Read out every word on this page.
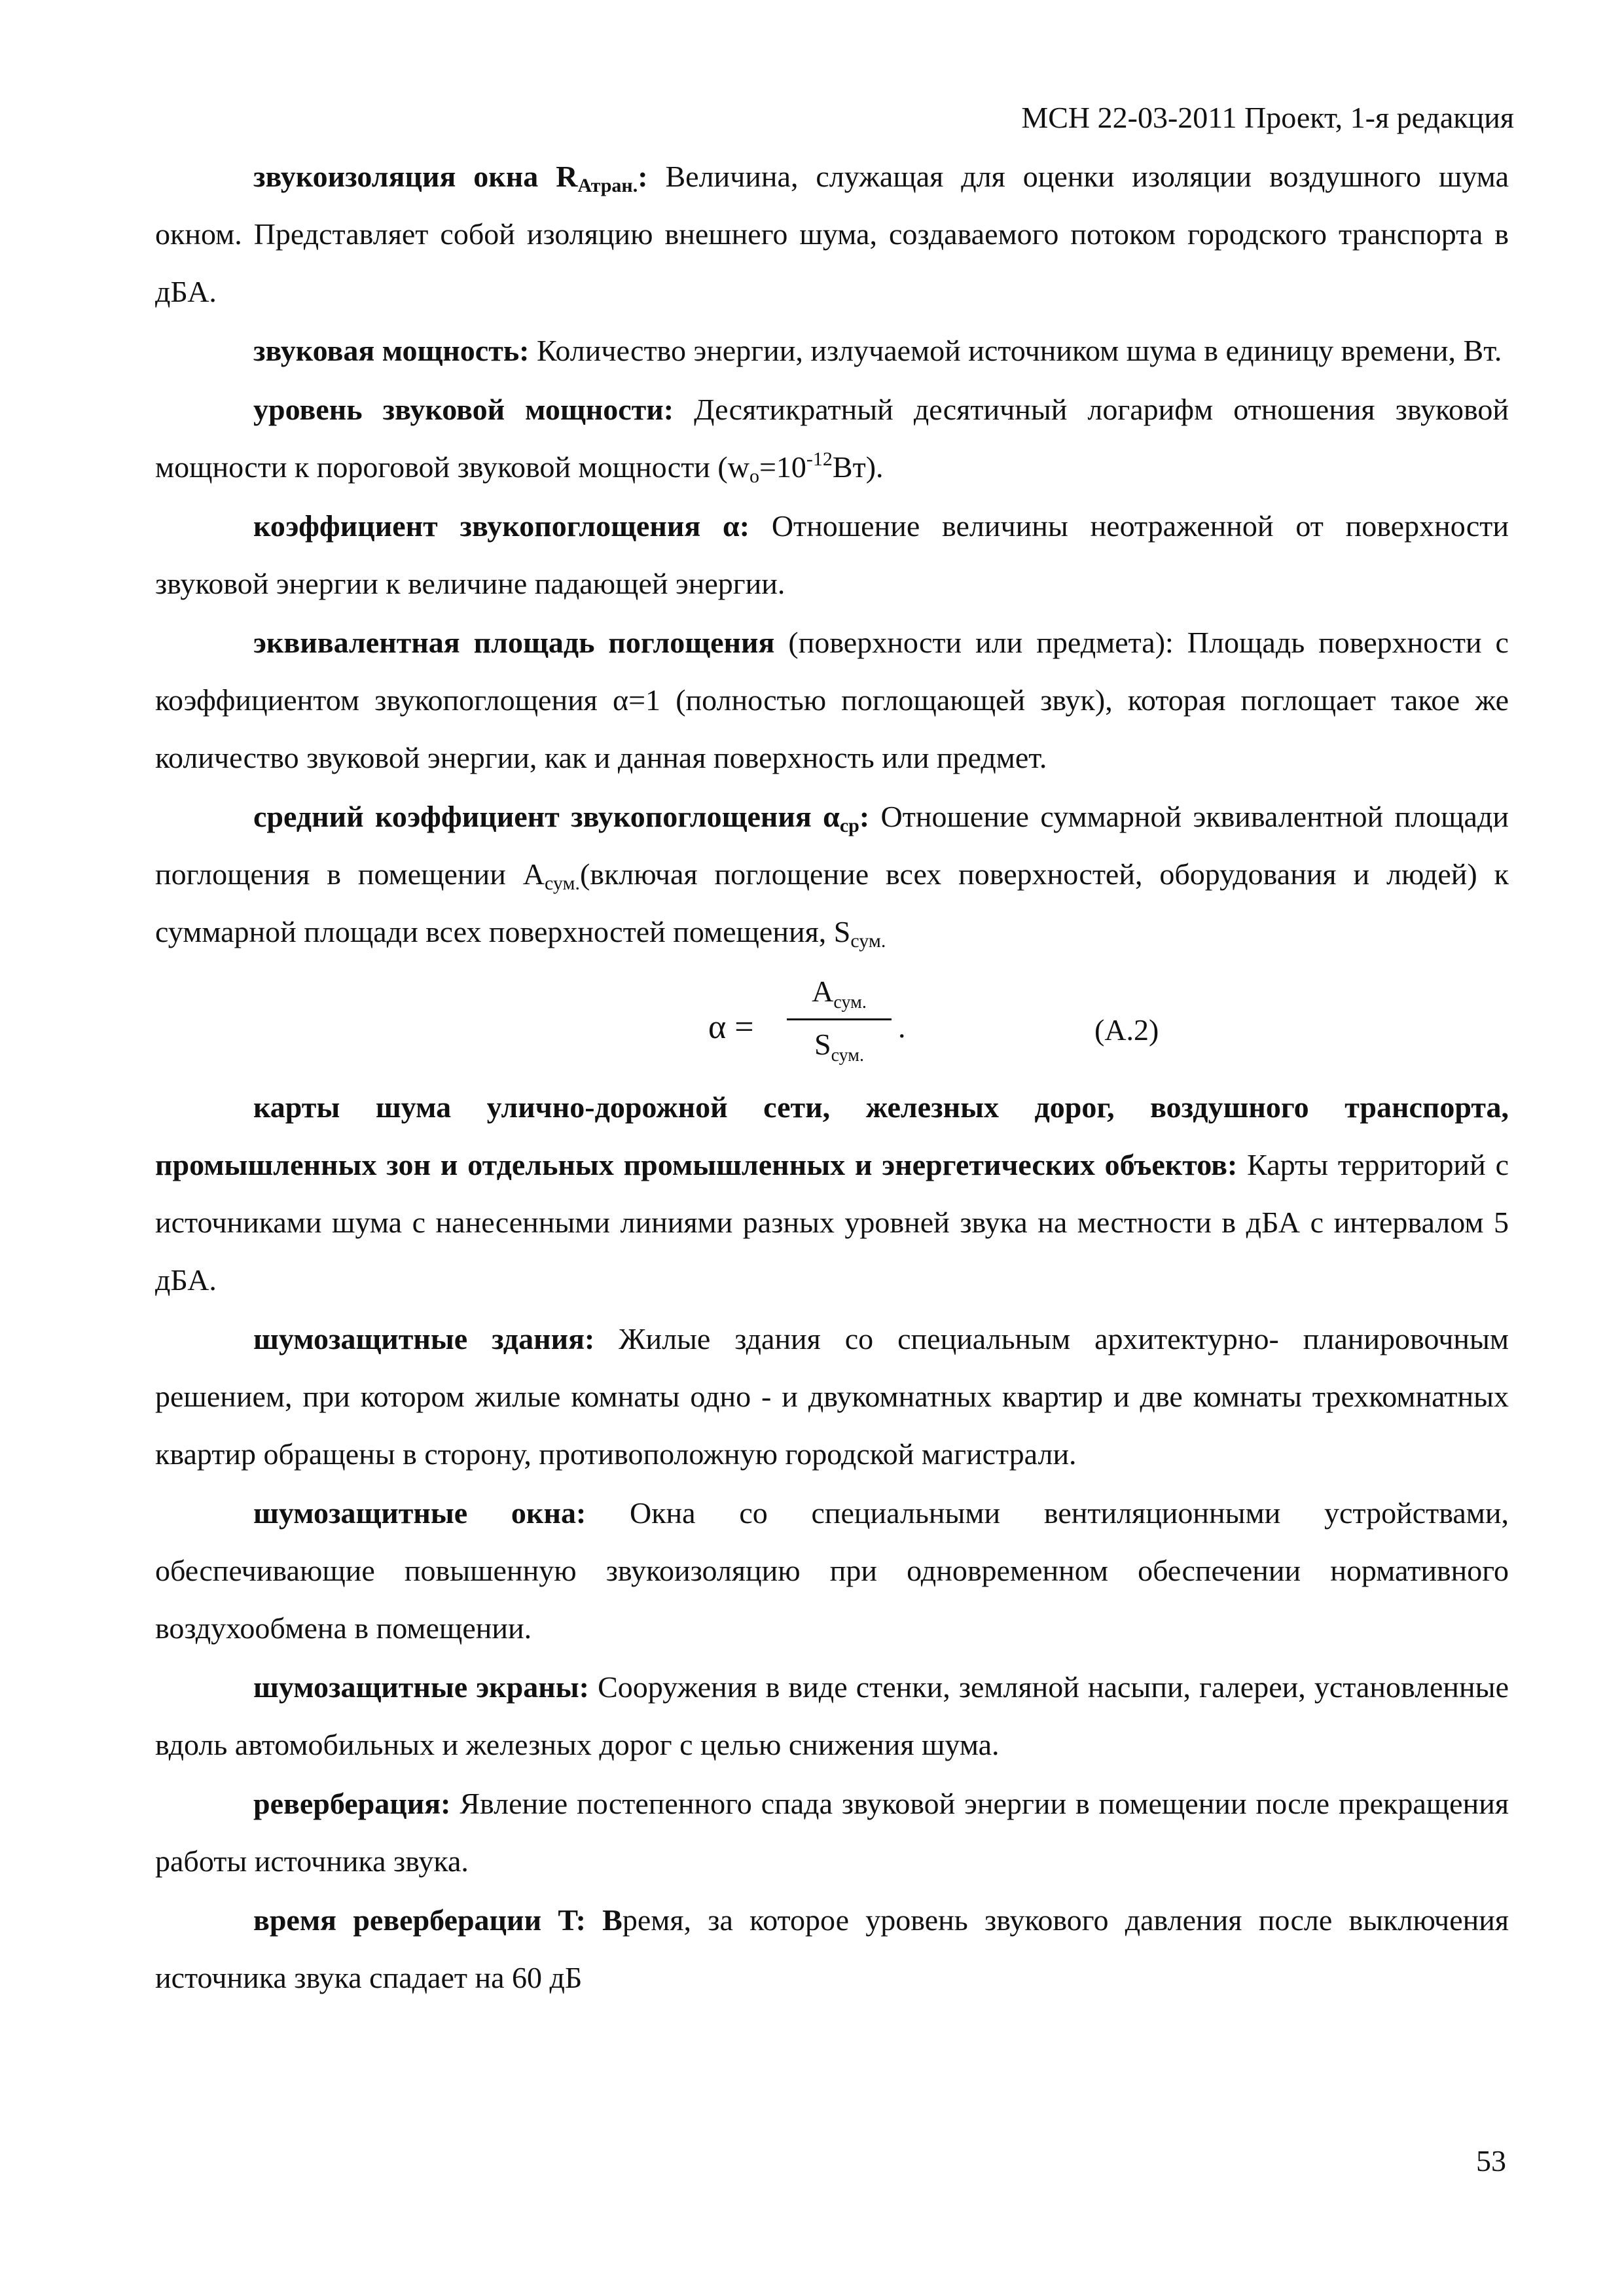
МСН 22-03-2011 Проект, 1-я редакция

звукоизоляция окна $R_{Атран.}$: Величина, служащая для оценки изоляции воздушного шума окном. Представляет собой изоляцию внешнего шума, создаваемого потоком городского транспорта в дБА.

звуковая мощность: Количество энергии, излучаемой источником шума в единицу времени, Вт.

уровень звуковой мощности: Десятикратный десятичный логарифм отношения звуковой мощности к пороговой звуковой мощности $(w_о=10^{-12}Вт)$.

коэффициент звукопоглощения α: Отношение величины неотраженной от поверхности звуковой энергии к величине падающей энергии.

эквивалентная площадь поглощения (поверхности или предмета): Площадь поверхности с коэффициентом звукопоглощения α=1 (полностью поглощающей звук), которая поглощает такое же количество звуковой энергии, как и данная поверхность или предмет.

средний коэффициент звукопоглощения $\alpha_{ср}$: Отношение суммарной эквивалентной площади поглощения в помещении $A_{сум.}(включая$ поглощение всех поверхностей, оборудования и людей) к суммарной площади всех поверхностей помещения, $S_{сум.}$

α =
$A_{сум.}$
$S_{сум.}$
.	(A.2)

карты шума улично-дорожной сети, железных дорог, воздушного транспорта, промышленных зон и отдельных промышленных и энергетических объектов: Карты территорий с источниками шума с нанесенными линиями разных уровней звука на местности в дБА с интервалом 5 дБА.

шумозащитные здания: Жилые здания со специальным архитектурно- планировочным решением, при котором жилые комнаты одно - и двукомнатных квартир и две комнаты трехкомнатных квартир обращены в сторону, противоположную городской магистрали.

шумозащитные окна: Окна со специальными вентиляционными устройствами, обеспечивающие повышенную звукоизоляцию при одновременном обеспечении нормативного воздухообмена в помещении.

шумозащитные экраны: Сооружения в виде стенки, земляной насыпи, галереи, установленные вдоль автомобильных и железных дорог с целью снижения шума.

реверберация: Явление постепенного спада звуковой энергии в помещении после прекращения работы источника звука.

время реверберации T: Время, за которое уровень звукового давления после выключения источника звука спадает на 60 дБ

53
